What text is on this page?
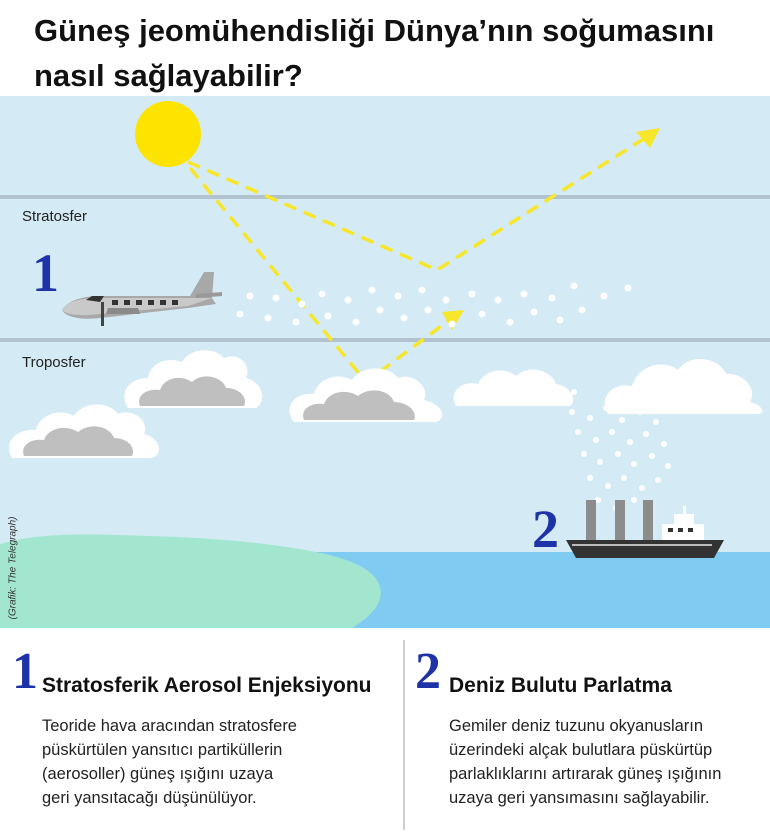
Güneş jeomühendisliği Dünya’nın soğumasını
nasıl sağlayabilir?
Stratosfer
Troposfer
1
2
(Grafik: The Telegraph)
1 Stratosferik Aerosol Enjeksiyonu
Teoride hava aracından stratosfere
püskürtülen yansıtıcı partiküllerin
(aerosoller) güneş ışığını uzaya
geri yansıtacağı düşünülüyor.
2 Deniz Bulutu Parlatma
Gemiler deniz tuzunu okyanusların
üzerindeki alçak bulutlara püskürtüp
parlaklıklarını artırarak güneş ışığının
uzaya geri yansımasını sağlayabilir.
